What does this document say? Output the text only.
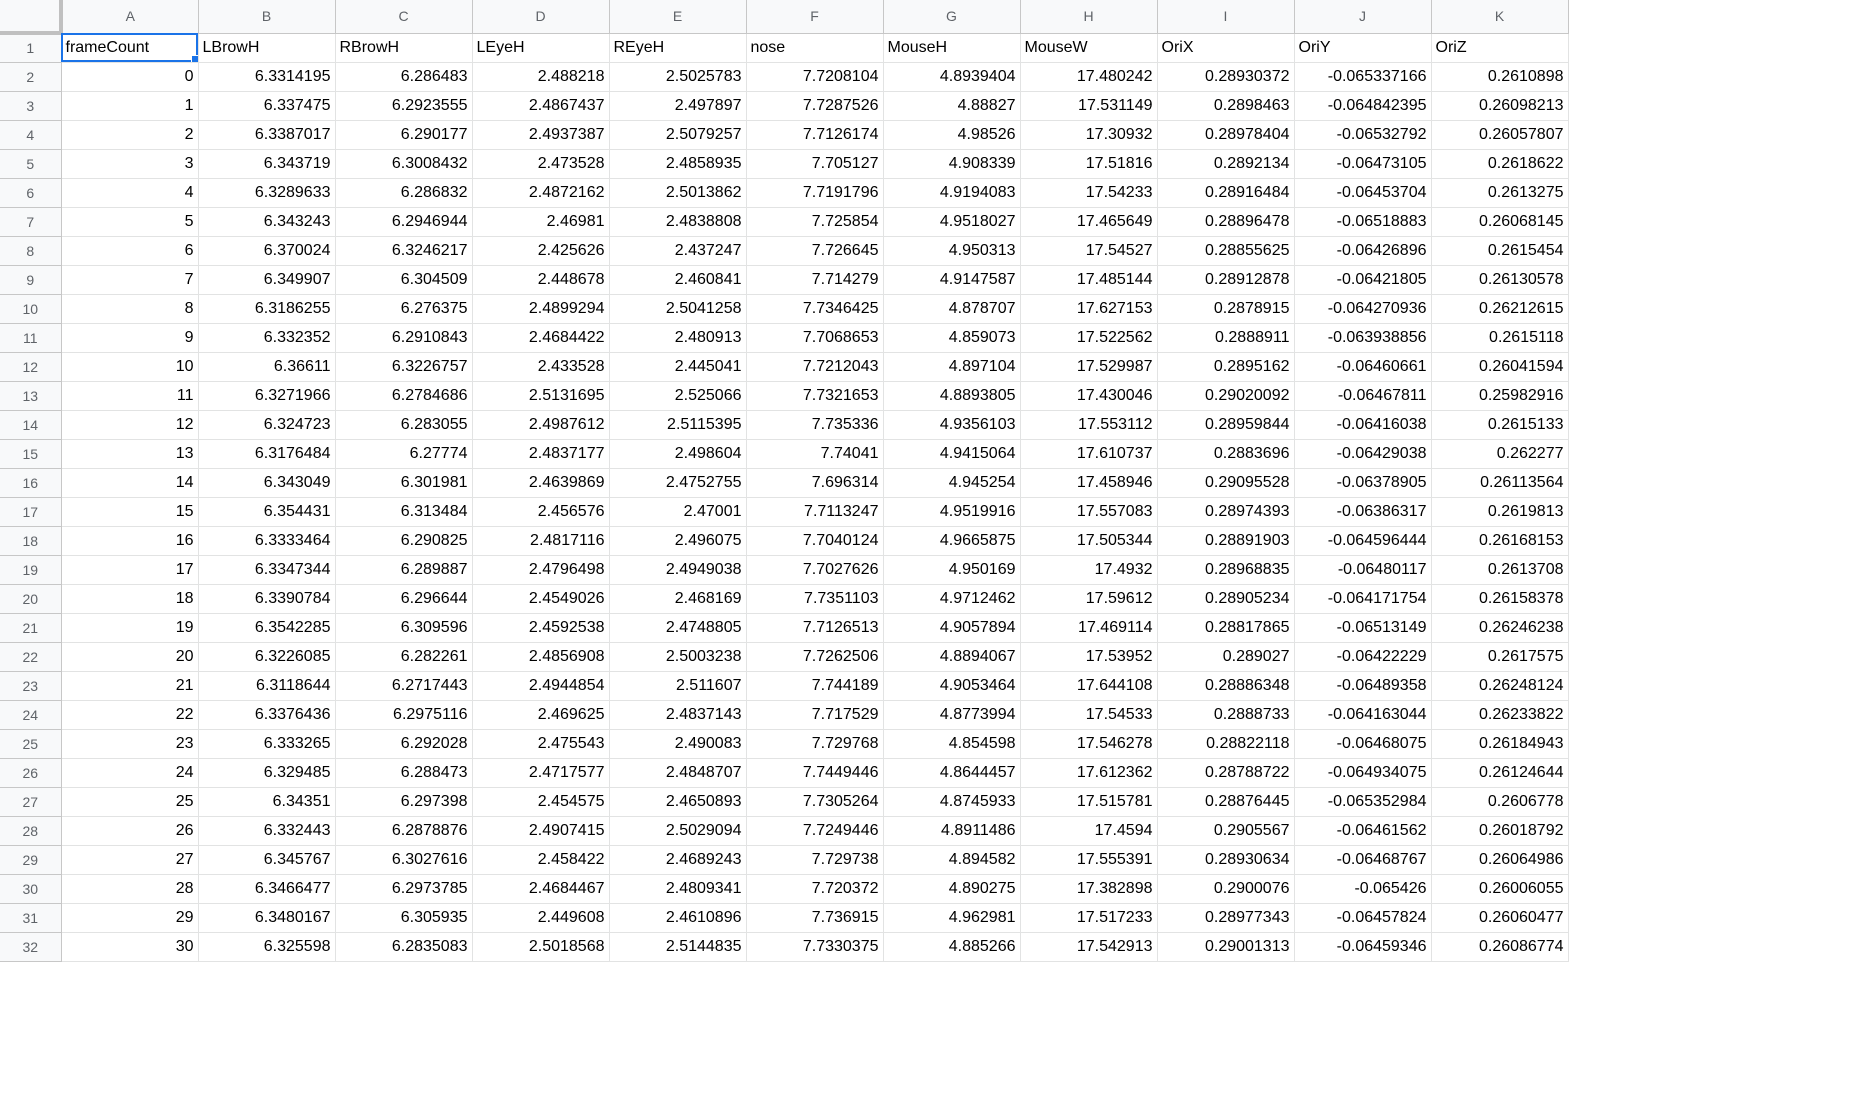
	A	B	C	D	E	F	G	H	I	J	K
1	frameCount	LBrowH	RBrowH	LEyeH	REyeH	nose	MouseH	MouseW	OriX	OriY	OriZ
2	0	6.3314195	6.286483	2.488218	2.5025783	7.7208104	4.8939404	17.480242	0.28930372	-0.065337166	0.2610898
3	1	6.337475	6.2923555	2.4867437	2.497897	7.7287526	4.88827	17.531149	0.2898463	-0.064842395	0.26098213
4	2	6.3387017	6.290177	2.4937387	2.5079257	7.7126174	4.98526	17.30932	0.28978404	-0.06532792	0.26057807
5	3	6.343719	6.3008432	2.473528	2.4858935	7.705127	4.908339	17.51816	0.2892134	-0.06473105	0.2618622
6	4	6.3289633	6.286832	2.4872162	2.5013862	7.7191796	4.9194083	17.54233	0.28916484	-0.06453704	0.2613275
7	5	6.343243	6.2946944	2.46981	2.4838808	7.725854	4.9518027	17.465649	0.28896478	-0.06518883	0.26068145
8	6	6.370024	6.3246217	2.425626	2.437247	7.726645	4.950313	17.54527	0.28855625	-0.06426896	0.2615454
9	7	6.349907	6.304509	2.448678	2.460841	7.714279	4.9147587	17.485144	0.28912878	-0.06421805	0.26130578
10	8	6.3186255	6.276375	2.4899294	2.5041258	7.7346425	4.878707	17.627153	0.2878915	-0.064270936	0.26212615
11	9	6.332352	6.2910843	2.4684422	2.480913	7.7068653	4.859073	17.522562	0.2888911	-0.063938856	0.2615118
12	10	6.36611	6.3226757	2.433528	2.445041	7.7212043	4.897104	17.529987	0.2895162	-0.06460661	0.26041594
13	11	6.3271966	6.2784686	2.5131695	2.525066	7.7321653	4.8893805	17.430046	0.29020092	-0.06467811	0.25982916
14	12	6.324723	6.283055	2.4987612	2.5115395	7.735336	4.9356103	17.553112	0.28959844	-0.06416038	0.2615133
15	13	6.3176484	6.27774	2.4837177	2.498604	7.74041	4.9415064	17.610737	0.2883696	-0.06429038	0.262277
16	14	6.343049	6.301981	2.4639869	2.4752755	7.696314	4.945254	17.458946	0.29095528	-0.06378905	0.26113564
17	15	6.354431	6.313484	2.456576	2.47001	7.7113247	4.9519916	17.557083	0.28974393	-0.06386317	0.2619813
18	16	6.3333464	6.290825	2.4817116	2.496075	7.7040124	4.9665875	17.505344	0.28891903	-0.064596444	0.26168153
19	17	6.3347344	6.289887	2.4796498	2.4949038	7.7027626	4.950169	17.4932	0.28968835	-0.06480117	0.2613708
20	18	6.3390784	6.296644	2.4549026	2.468169	7.7351103	4.9712462	17.59612	0.28905234	-0.064171754	0.26158378
21	19	6.3542285	6.309596	2.4592538	2.4748805	7.7126513	4.9057894	17.469114	0.28817865	-0.06513149	0.26246238
22	20	6.3226085	6.282261	2.4856908	2.5003238	7.7262506	4.8894067	17.53952	0.289027	-0.06422229	0.2617575
23	21	6.3118644	6.2717443	2.4944854	2.511607	7.744189	4.9053464	17.644108	0.28886348	-0.06489358	0.26248124
24	22	6.3376436	6.2975116	2.469625	2.4837143	7.717529	4.8773994	17.54533	0.2888733	-0.064163044	0.26233822
25	23	6.333265	6.292028	2.475543	2.490083	7.729768	4.854598	17.546278	0.28822118	-0.06468075	0.26184943
26	24	6.329485	6.288473	2.4717577	2.4848707	7.7449446	4.8644457	17.612362	0.28788722	-0.064934075	0.26124644
27	25	6.34351	6.297398	2.454575	2.4650893	7.7305264	4.8745933	17.515781	0.28876445	-0.065352984	0.2606778
28	26	6.332443	6.2878876	2.4907415	2.5029094	7.7249446	4.8911486	17.4594	0.2905567	-0.06461562	0.26018792
29	27	6.345767	6.3027616	2.458422	2.4689243	7.729738	4.894582	17.555391	0.28930634	-0.06468767	0.26064986
30	28	6.3466477	6.2973785	2.4684467	2.4809341	7.720372	4.890275	17.382898	0.2900076	-0.065426	0.26006055
31	29	6.3480167	6.305935	2.449608	2.4610896	7.736915	4.962981	17.517233	0.28977343	-0.06457824	0.26060477
32	30	6.325598	6.2835083	2.5018568	2.5144835	7.7330375	4.885266	17.542913	0.29001313	-0.06459346	0.26086774
